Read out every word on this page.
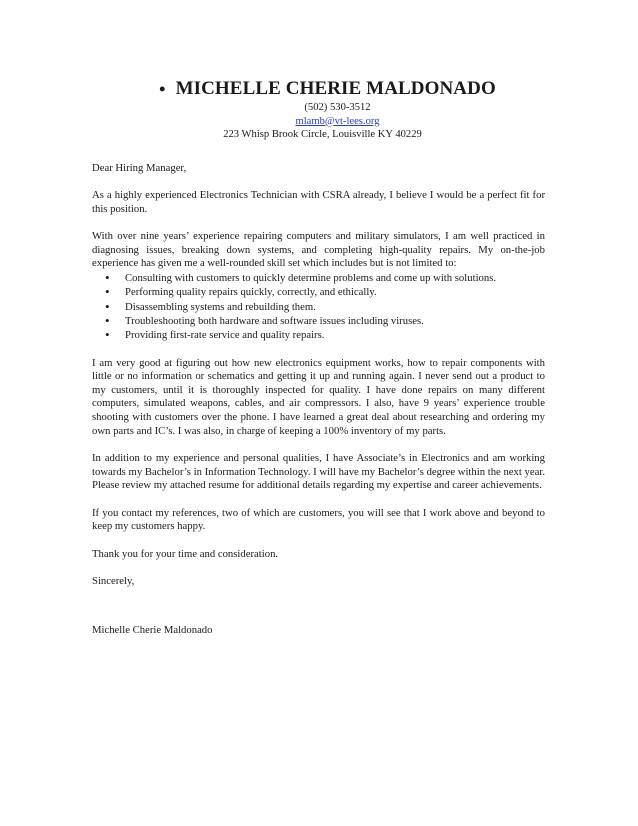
• MICHELLE CHERIE MALDONADO
(502) 530-3512
mlamb@vt-lees.org
223 Whisp Brook Circle, Louisville KY 40229

Dear Hiring Manager,

As a highly experienced Electronics Technician with CSRA already, I believe I would be a perfect fit for this position.

With over nine years’ experience repairing computers and military simulators, I am well practiced in diagnosing issues, breaking down systems, and completing high-quality repairs. My on-the-job experience has given me a well-rounded skill set which includes but is not limited to:

• Consulting with customers to quickly determine problems and come up with solutions.
• Performing quality repairs quickly, correctly, and ethically.
• Disassembling systems and rebuilding them.
• Troubleshooting both hardware and software issues including viruses.
• Providing first-rate service and quality repairs.

I am very good at figuring out how new electronics equipment works, how to repair components with little or no information or schematics and getting it up and running again. I never send out a product to my customers, until it is thoroughly inspected for quality. I have done repairs on many different computers, simulated weapons, cables, and air compressors. I also, have 9 years’ experience trouble shooting with customers over the phone. I have learned a great deal about researching and ordering my own parts and IC’s. I was also, in charge of keeping a 100% inventory of my parts.

In addition to my experience and personal qualities, I have Associate’s in Electronics and am working towards my Bachelor’s in Information Technology. I will have my Bachelor’s degree within the next year. Please review my attached resume for additional details regarding my expertise and career achievements.

If you contact my references, two of which are customers, you will see that I work above and beyond to keep my customers happy.

Thank you for your time and consideration.

Sincerely,

Michelle Cherie Maldonado
